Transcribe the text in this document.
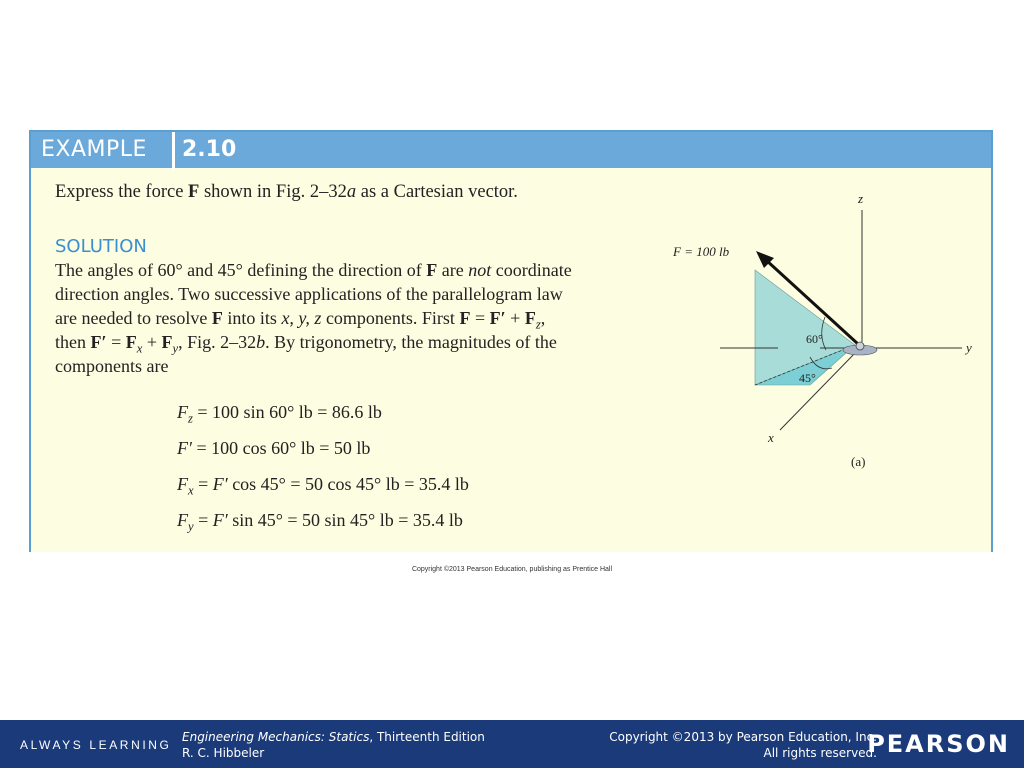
EXAMPLE 2.10
Express the force F shown in Fig. 2–32a as a Cartesian vector.
SOLUTION
The angles of 60° and 45° defining the direction of F are not coordinate
direction angles. Two successive applications of the parallelogram law
are needed to resolve F into its x, y, z components. First $F = F' + F_z$,
then $F' = F_x + F_y$, Fig. 2–32b. By trigonometry, the magnitudes of the
components are
$F_z = 100$ sin 60° lb = 86.6 lb
F′ = 100 cos 60° lb = 50 lb
$F_x = F'$ cos 45° = 50 cos 45° lb = 35.4 lb
$F_y = F'$ sin 45° = 50 sin 45° lb = 35.4 lb
F = 100 lb
60°
45°
z
y
x
(a)
Copyright ©2013 Pearson Education, publishing as Prentice Hall
ALWAYS LEARNING
Engineering Mechanics: Statics, Thirteenth Edition
R. C. Hibbeler
Copyright ©2013 by Pearson Education, Inc.
All rights reserved.
PEARSON
